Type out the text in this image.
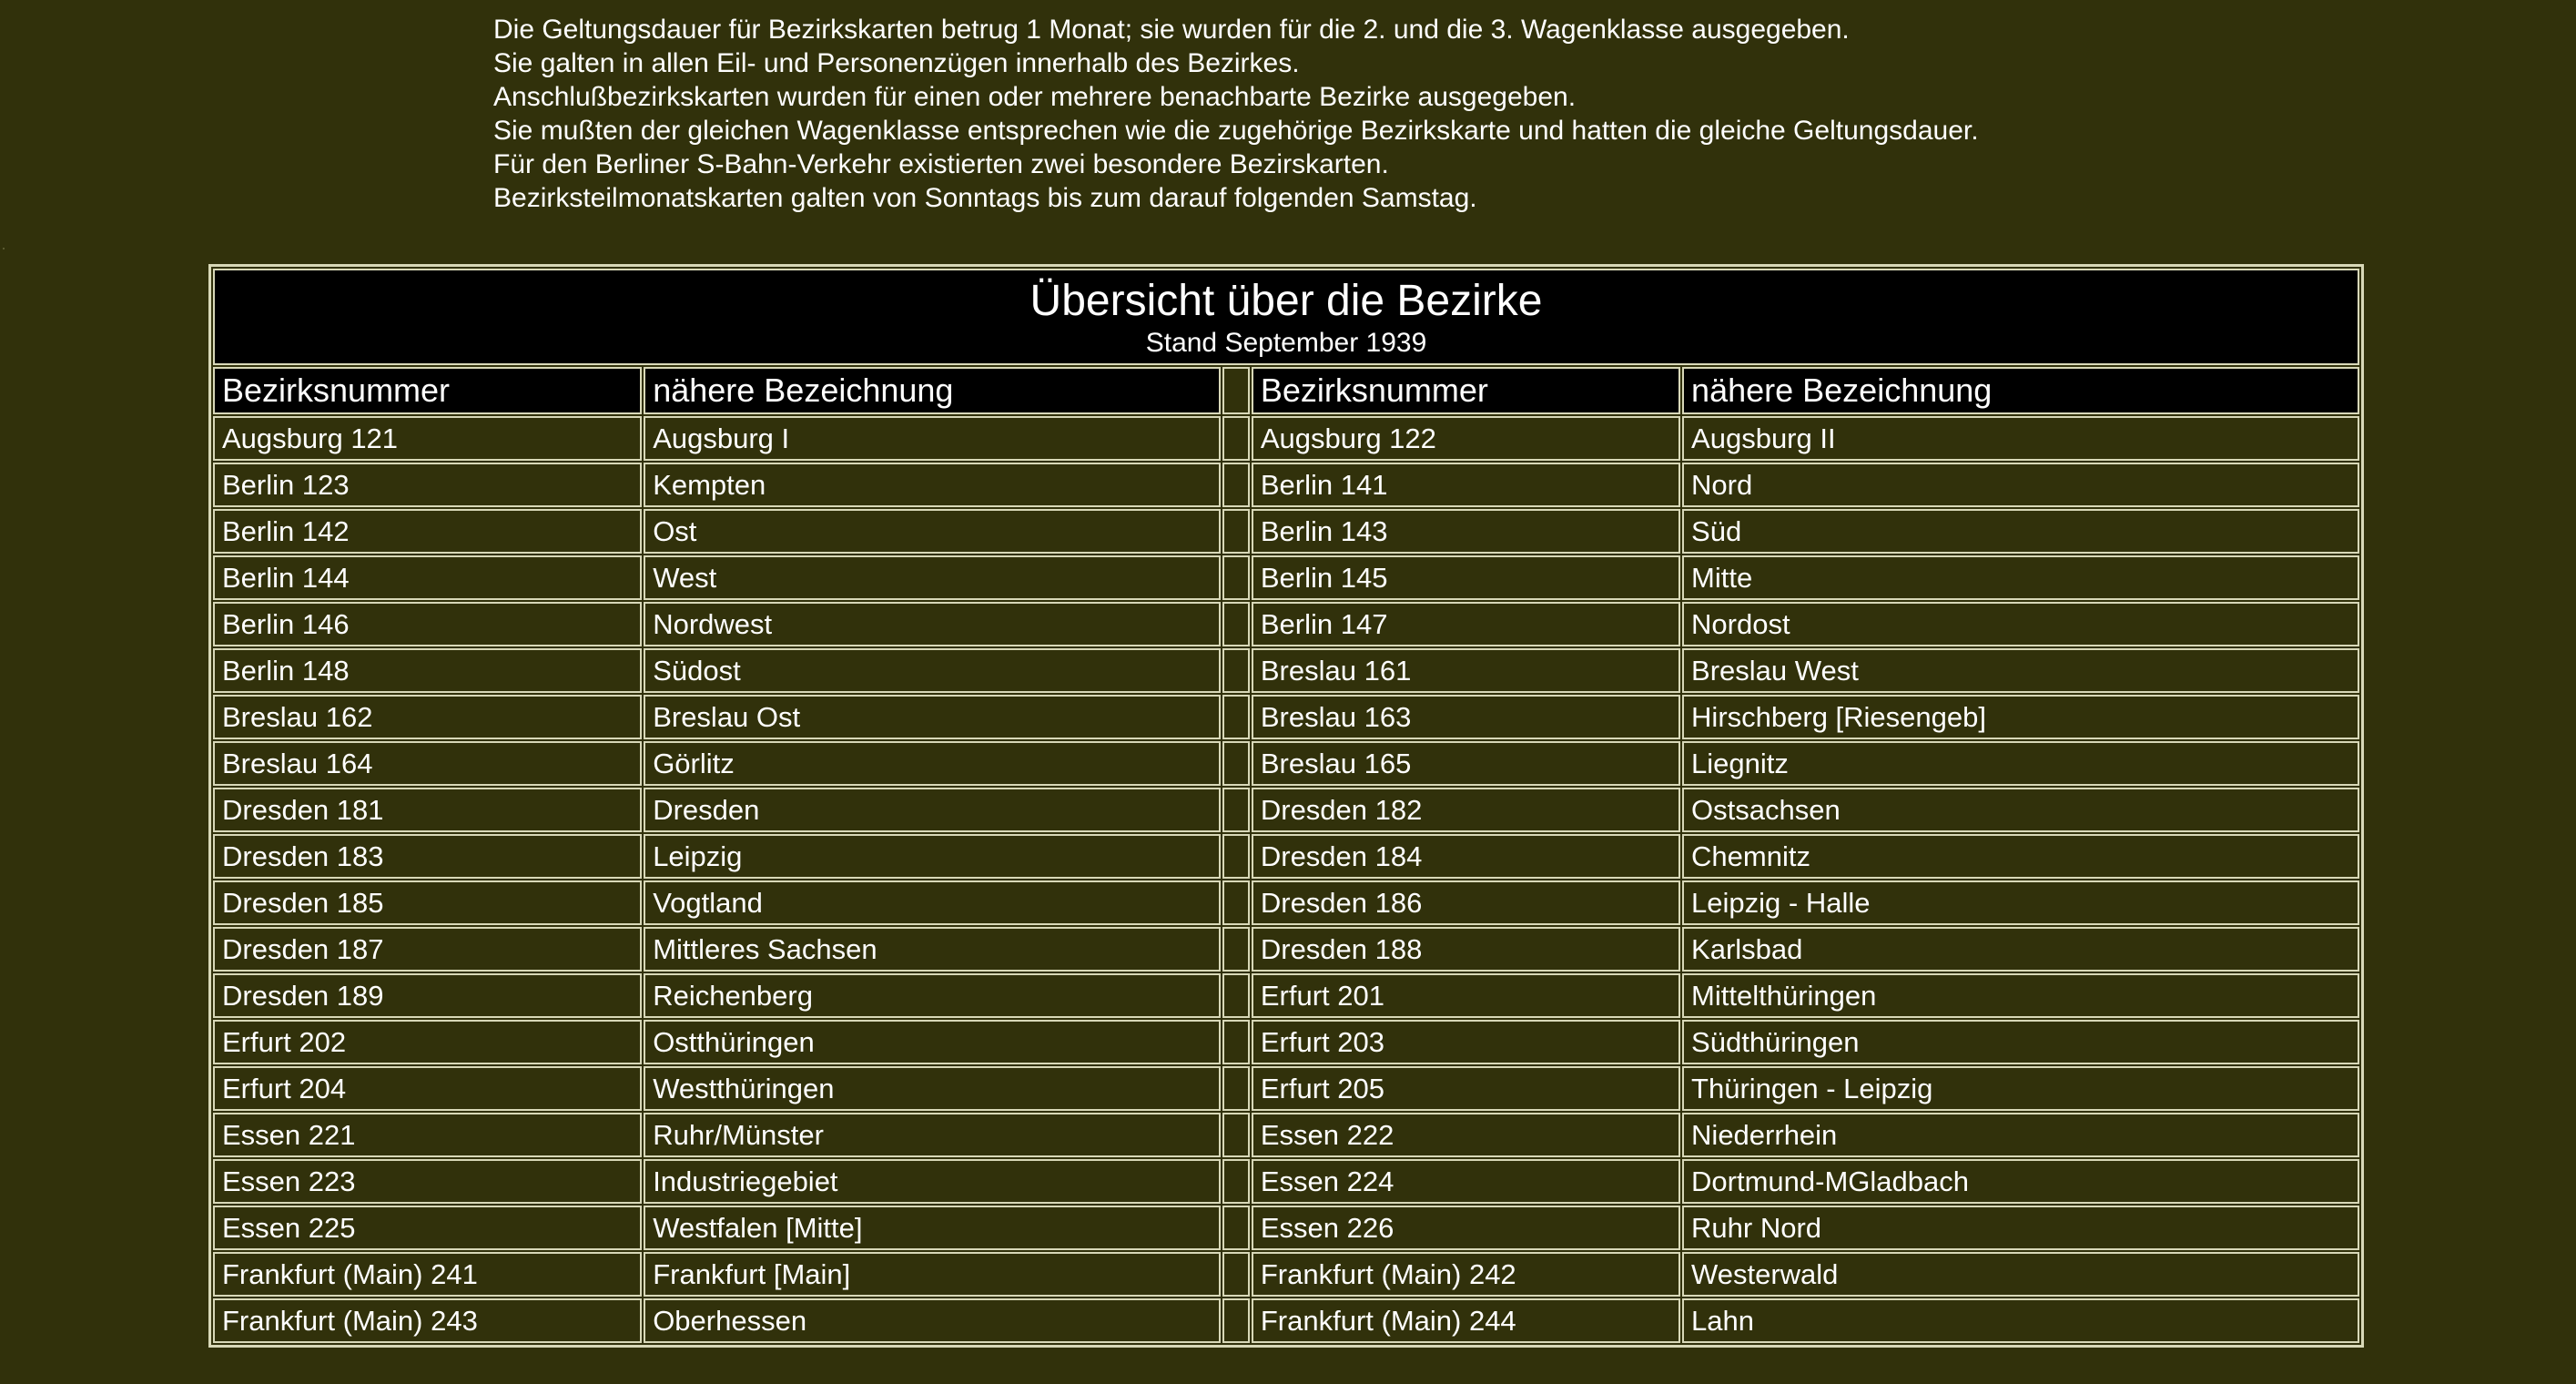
Die Geltungsdauer für Bezirkskarten betrug 1 Monat; sie wurden für die 2. und die 3. Wagenklasse ausgegeben.

Sie galten in allen Eil- und Personenzügen innerhalb des Bezirkes.

Anschlußbezirkskarten wurden für einen oder mehrere benachbarte Bezirke ausgegeben.

Sie mußten der gleichen Wagenklasse entsprechen wie die zugehörige Bezirkskarte und hatten die gleiche Geltungsdauer.

Für den Berliner S-Bahn-Verkehr existierten zwei besondere Bezirskarten.

Bezirksteilmonatskarten galten von Sonntags bis zum darauf folgenden Samstag.

Übersicht über die Bezirke
Stand September 1939				

Bezirksnummer	nähere Bezeichnung		Bezirksnummer	nähere Bezeichnung
Augsburg 121	Augsburg I		Augsburg 122	Augsburg II
Berlin 123	Kempten		Berlin 141	Nord
Berlin 142	Ost		Berlin 143	Süd
Berlin 144	West		Berlin 145	Mitte
Berlin 146	Nordwest		Berlin 147	Nordost
Berlin 148	Südost		Breslau 161	Breslau West
Breslau 162	Breslau Ost		Breslau 163	Hirschberg [Riesengeb]
Breslau 164	Görlitz		Breslau 165	Liegnitz
Dresden 181	Dresden		Dresden 182	Ostsachsen
Dresden 183	Leipzig		Dresden 184	Chemnitz
Dresden 185	Vogtland		Dresden 186	Leipzig - Halle
Dresden 187	Mittleres Sachsen		Dresden 188	Karlsbad
Dresden 189	Reichenberg		Erfurt 201	Mittelthüringen
Erfurt 202	Ostthüringen		Erfurt 203	Südthüringen
Erfurt 204	Westthüringen		Erfurt 205	Thüringen - Leipzig
Essen 221	Ruhr/Münster		Essen 222	Niederrhein
Essen 223	Industriegebiet		Essen 224	Dortmund-MGladbach
Essen 225	Westfalen [Mitte]		Essen 226	Ruhr Nord
Frankfurt (Main) 241	Frankfurt [Main]		Frankfurt (Main) 242	Westerwald
Frankfurt (Main) 243	Oberhessen		Frankfurt (Main) 244	Lahn
